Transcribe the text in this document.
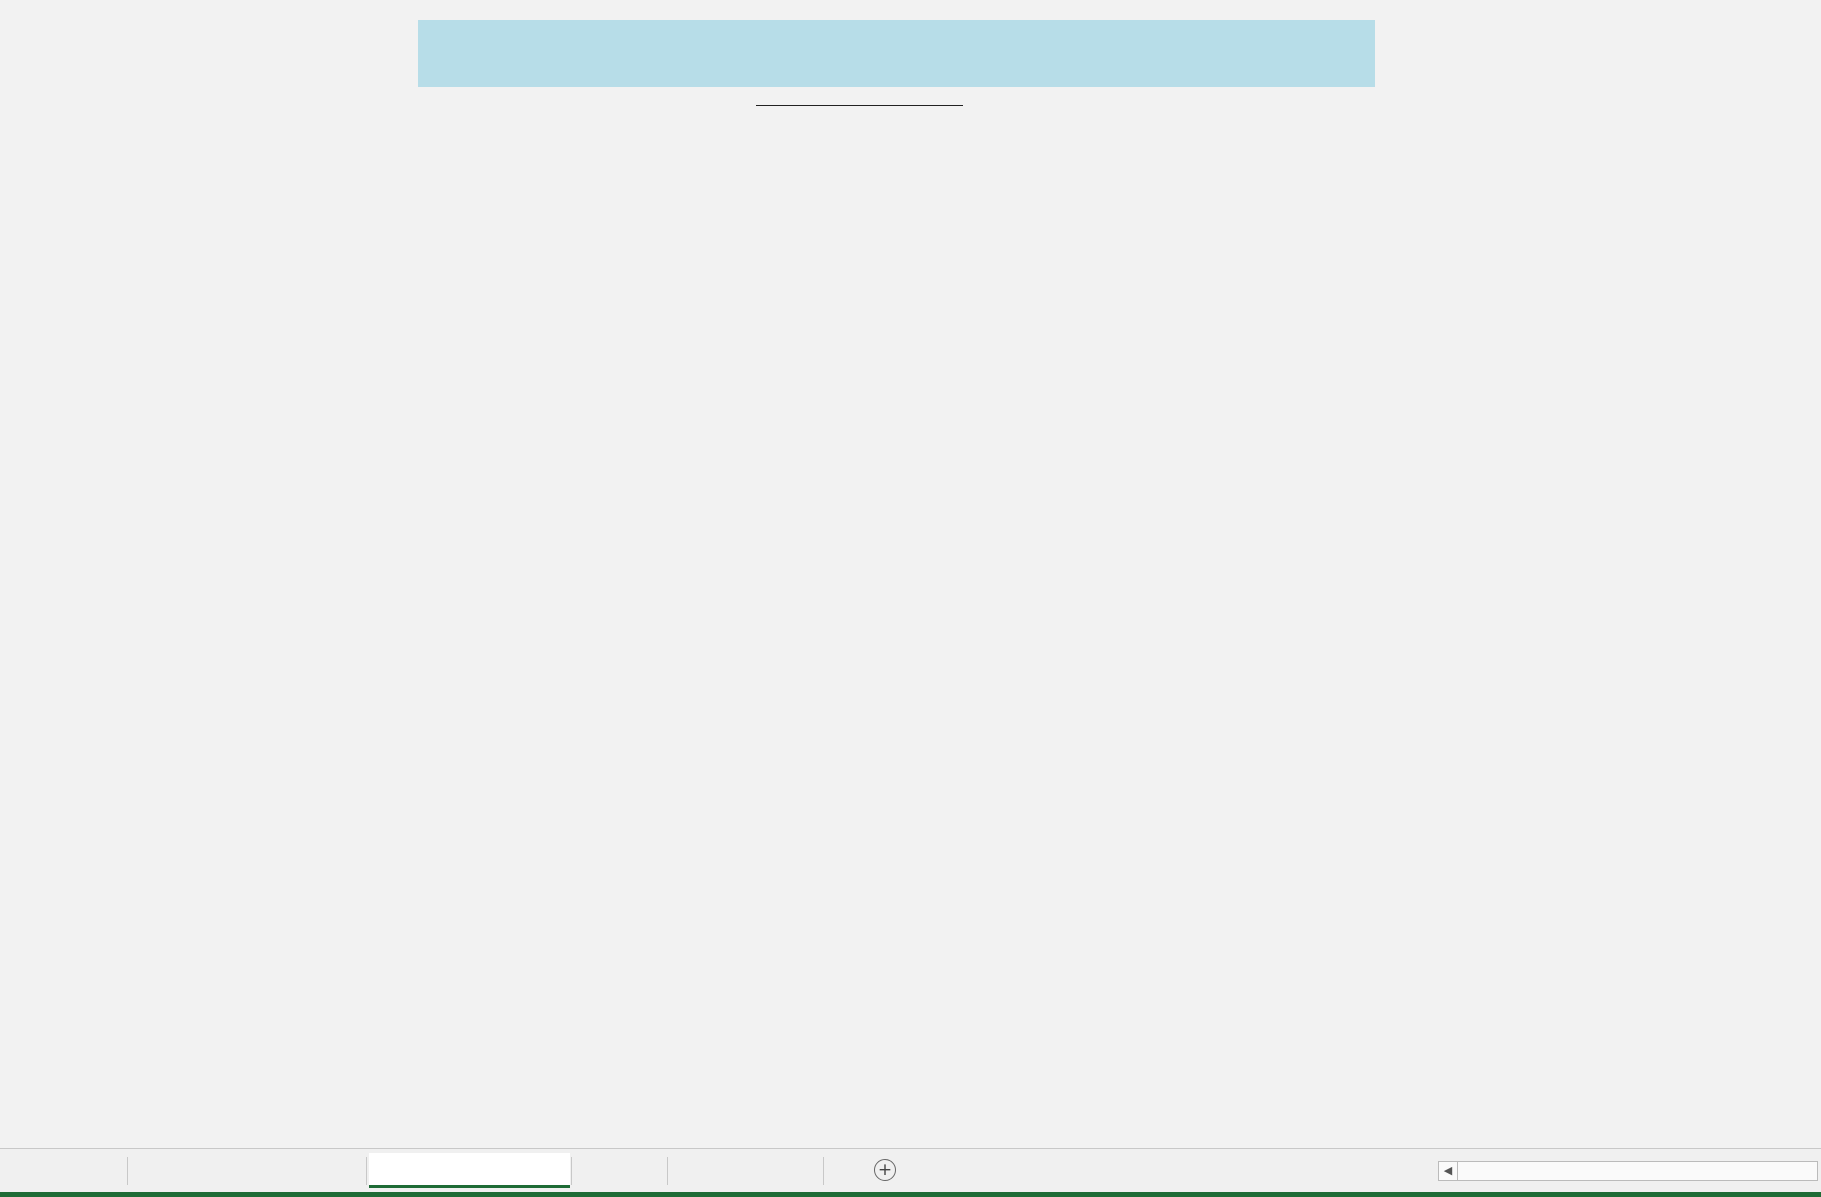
+	◀
